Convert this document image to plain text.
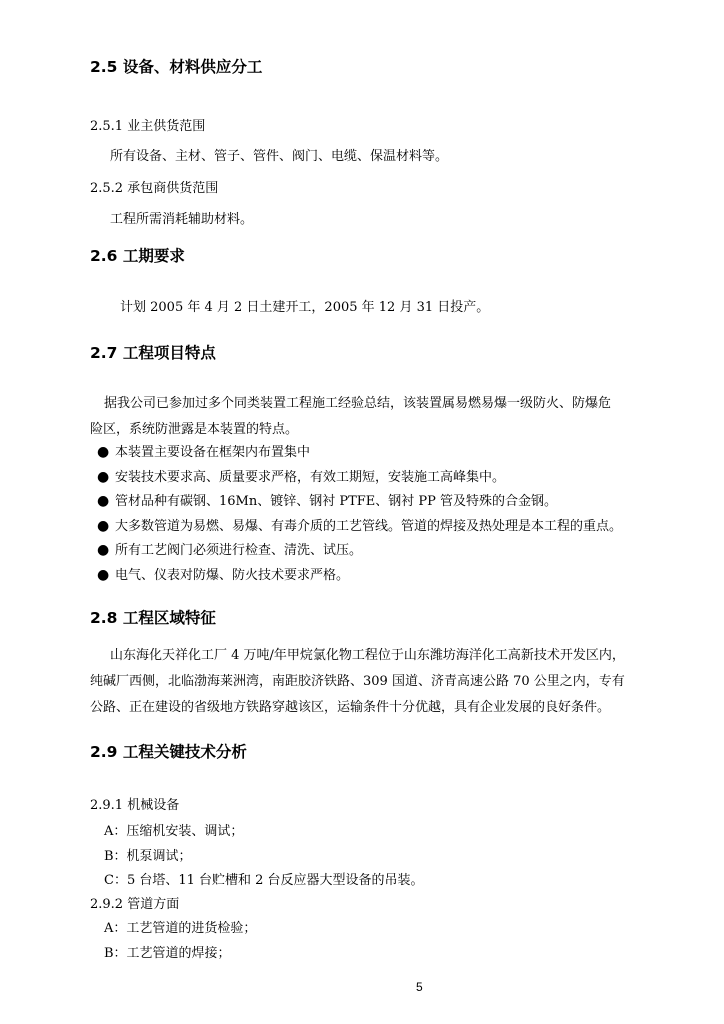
2.5 设备、材料供应分工
2.5.1 业主供货范围
所有设备、主材、管子、管件、阀门、电缆、保温材料等。
2.5.2 承包商供货范围
工程所需消耗辅助材料。
2.6 工期要求
计划 2005 年 4 月 2 日土建开工，2005 年 12 月 31 日投产。
2.7 工程项目特点
据我公司已参加过多个同类装置工程施工经验总结，该装置属易燃易爆一级防火、防爆危
险区，系统防泄露是本装置的特点。
● 本装置主要设备在框架内布置集中
● 安装技术要求高、质量要求严格，有效工期短，安装施工高峰集中。
● 管材品种有碳钢、16Mn、镀锌、钢衬 PTFE、钢衬 PP 管及特殊的合金钢。
● 大多数管道为易燃、易爆、有毒介质的工艺管线。管道的焊接及热处理是本工程的重点。
● 所有工艺阀门必须进行检查、清洗、试压。
● 电气、仪表对防爆、防火技术要求严格。
2.8 工程区域特征
山东海化天祥化工厂 4 万吨/年甲烷氯化物工程位于山东潍坊海洋化工高新技术开发区内，
纯碱厂西侧，北临渤海莱洲湾，南距胶济铁路、309 国道、济青高速公路 70 公里之内，专有
公路、正在建设的省级地方铁路穿越该区，运输条件十分优越，具有企业发展的良好条件。
2.9 工程关键技术分析
2.9.1 机械设备
A：压缩机安装、调试；
B：机泵调试；
C：5 台塔、11 台贮槽和 2 台反应器大型设备的吊装。
2.9.2 管道方面
A：工艺管道的进货检验；
B：工艺管道的焊接；
5
